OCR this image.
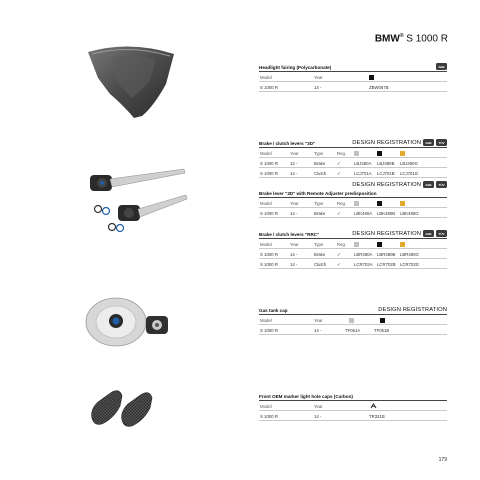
BMW® S 1000 R
Headlight fairing (Polycarbonate)	ABE
Model	Year
S 1000 R	14 -	ZBW057B
Brake / clutch levers "3D"	DESIGN REGISTRATION	ABE	TÜV
Model	Year	Type	Reg.
S 1000 R	14 -	Brake	✓	LBJ480A LBJ480B LBJ480G
S 1000 R	14 -	Clutch	✓	LCJ701A LCJ701B LCJ701G
DESIGN REGISTRATION	ABE	TÜV
Brake lever "3D" with Remote Adjuster predisposition
Model	Year	Type	Reg.
S 1000 R	14 -	Brake	✓	LBK480A LBK480B LBK480G
Brake / clutch levers "RRC"	DESIGN REGISTRATION	ABE	TÜV
Model	Year	Type	Reg.
S 1000 R	14 -	Brake	✓	LBR480A LBR480B LBR480G
S 1000 R	14 -	Clutch	✓	LCR702A LCR702B LCR702G
Gas tank cap	DESIGN REGISTRATION
Model	Year
S 1000 R	14 -	TF051A	TF051B
Front OEM marker light hole caps (Carbon)
Model	Year
S 1000 R	14 -	TR321B
179
